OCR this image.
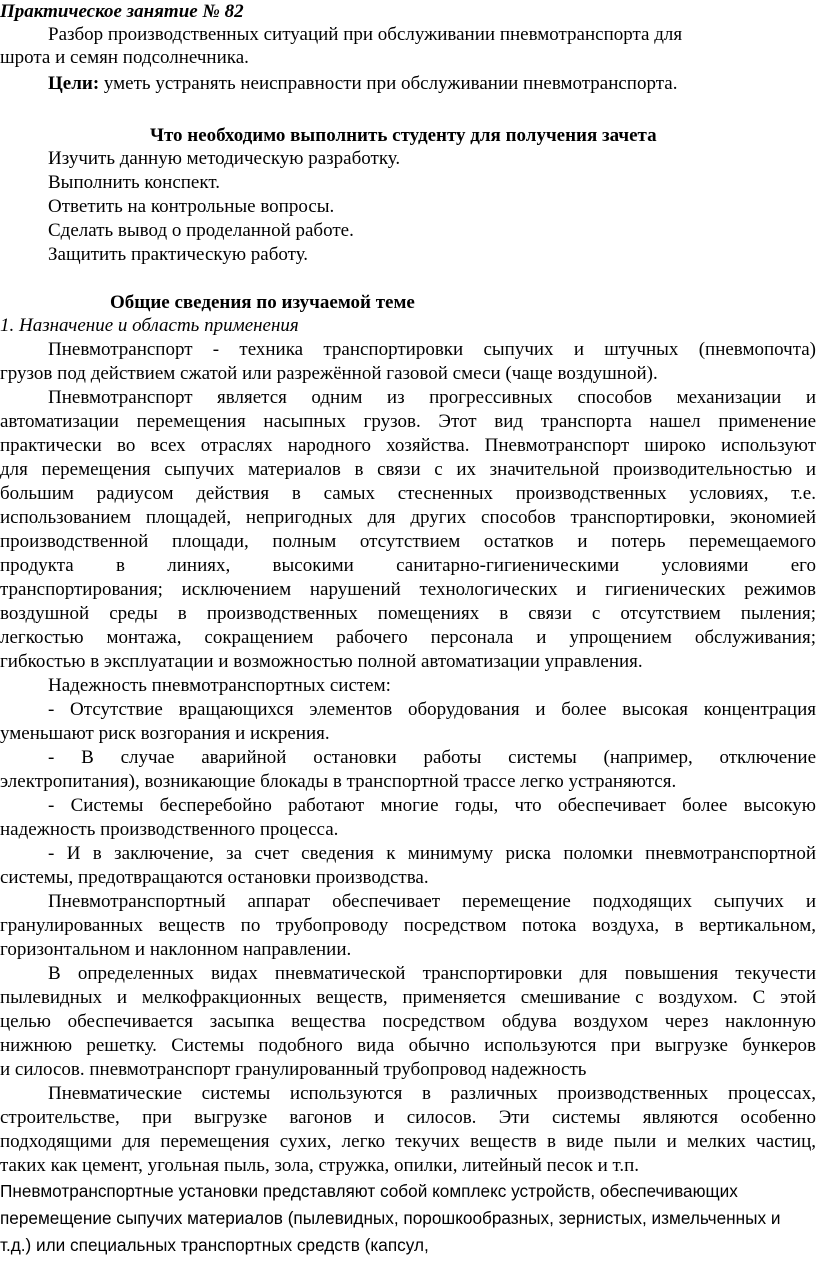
Практическое занятие № 82
Разбор производственных ситуаций при обслуживании пневмотранспорта для
шрота и семян подсолнечника.
Цели: уметь устранять неисправности при обслуживании пневмотранспорта.
Что необходимо выполнить студенту для получения зачета
Изучить данную методическую разработку.
Выполнить конспект.
Ответить на контрольные вопросы.
Сделать вывод о проделанной работе.
Защитить практическую работу.
Общие сведения по изучаемой теме
1. Назначение и область применения
Пневмотранспорт - техника транспортировки сыпучих и штучных (пневмопочта)
грузов под действием сжатой или разрежённой газовой смеси (чаще воздушной).
Пневмотранспорт является одним из прогрессивных способов механизации и
автоматизации перемещения насыпных грузов. Этот вид транспорта нашел применение
практически во всех отраслях народного хозяйства. Пневмотранспорт широко используют
для перемещения сыпучих материалов в связи с их значительной производительностью и
большим радиусом действия в самых стесненных производственных условиях, т.е.
использованием площадей, непригодных для других способов транспортировки, экономией
производственной площади, полным отсутствием остатков и потерь перемещаемого
продукта в линиях, высокими санитарно-гигиеническими условиями его
транспортирования; исключением нарушений технологических и гигиенических режимов
воздушной среды в производственных помещениях в связи с отсутствием пыления;
легкостью монтажа, сокращением рабочего персонала и упрощением обслуживания;
гибкостью в эксплуатации и возможностью полной автоматизации управления.
Надежность пневмотранспортных систем:
- Отсутствие вращающихся элементов оборудования и более высокая концентрация
уменьшают риск возгорания и искрения.
- В случае аварийной остановки работы системы (например, отключение
электропитания), возникающие блокады в транспортной трассе легко устраняются.
- Системы бесперебойно работают многие годы, что обеспечивает более высокую
надежность производственного процесса.
- И в заключение, за счет сведения к минимуму риска поломки пневмотранспортной
системы, предотвращаются остановки производства.
Пневмотранспортный аппарат обеспечивает перемещение подходящих сыпучих и
гранулированных веществ по трубопроводу посредством потока воздуха, в вертикальном,
горизонтальном и наклонном направлении.
В определенных видах пневматической транспортировки для повышения текучести
пылевидных и мелкофракционных веществ, применяется смешивание с воздухом. С этой
целью обеспечивается засыпка вещества посредством обдува воздухом через наклонную
нижнюю решетку. Системы подобного вида обычно используются при выгрузке бункеров
и силосов. пневмотранспорт гранулированный трубопровод надежность
Пневматические системы используются в различных производственных процессах,
строительстве, при выгрузке вагонов и силосов. Эти системы являются особенно
подходящими для перемещения сухих, легко текучих веществ в виде пыли и мелких частиц,
таких как цемент, угольная пыль, зола, стружка, опилки, литейный песок и т.п.
Пневмотранспортные установки представляют собой комплекс устройств, обеспечивающих
перемещение сыпучих материалов (пылевидных, порошкообразных, зернистых, измельченных и
т.д.) или специальных транспортных средств (капсул,
